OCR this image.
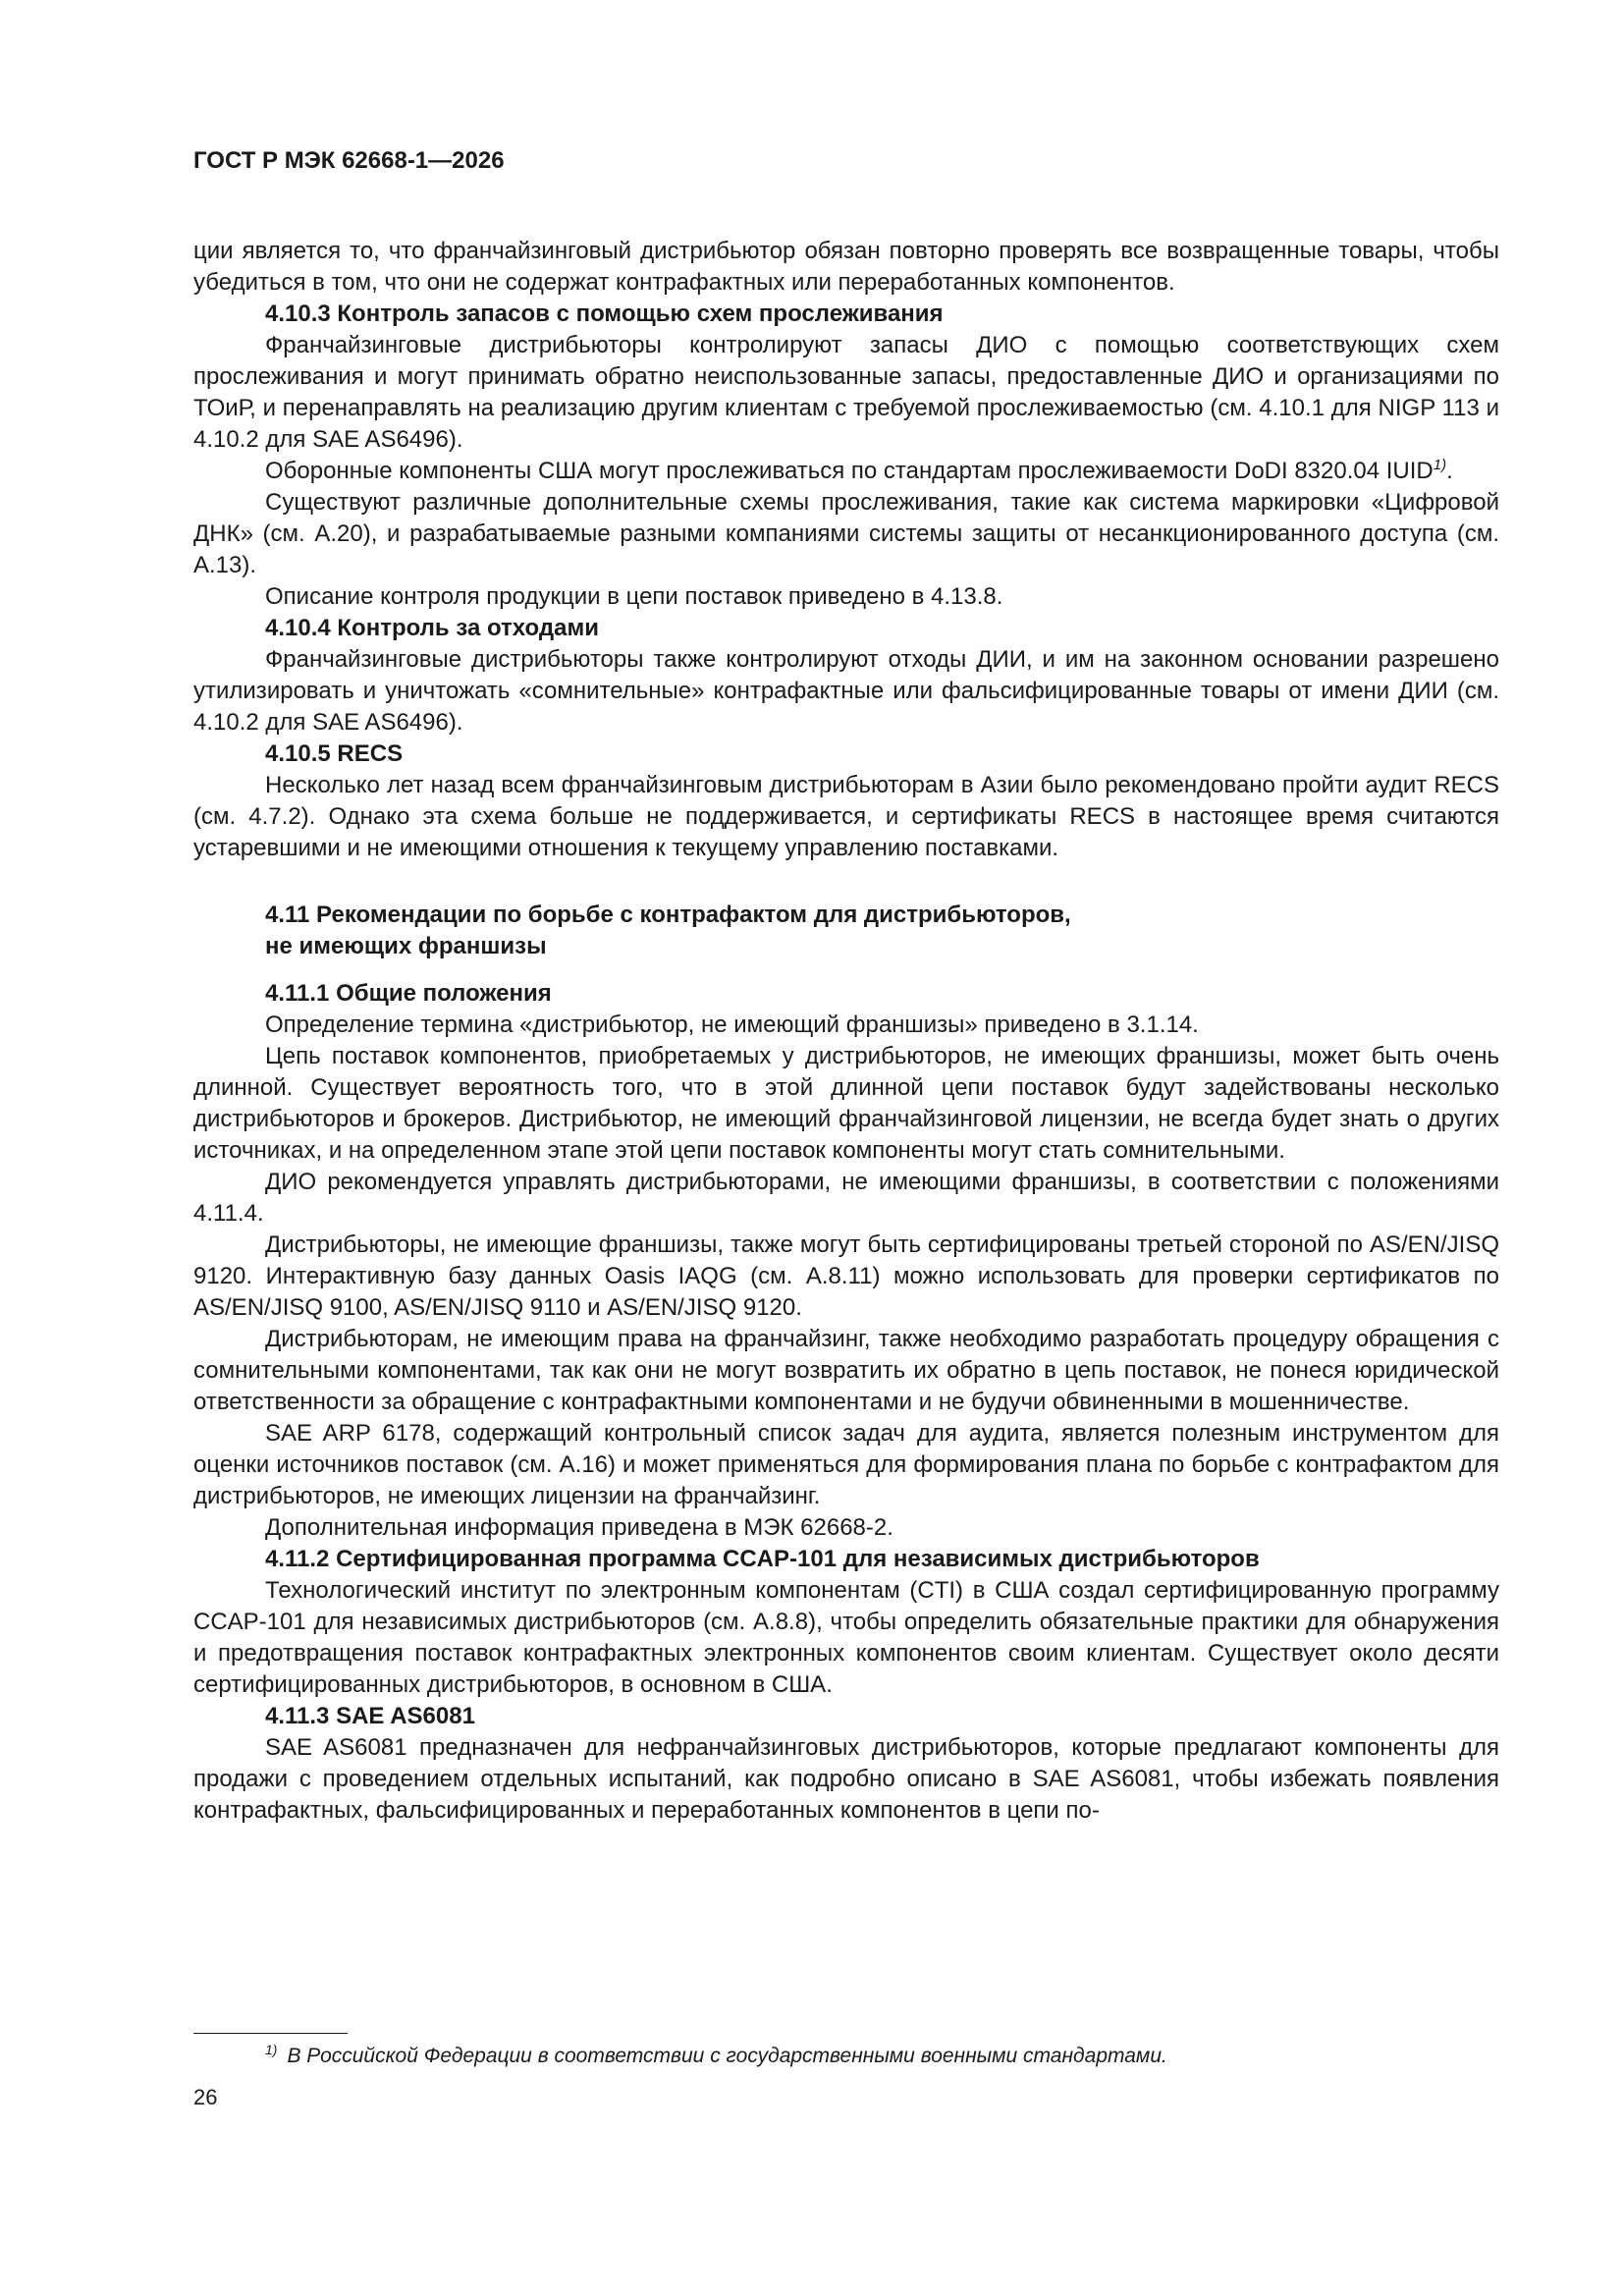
ГОСТ Р МЭК 62668-1—2026

ции является то, что франчайзинговый дистрибьютор обязан повторно проверять все возвращенные товары, чтобы убедиться в том, что они не содержат контрафактных или переработанных компонентов.

4.10.3 Контроль запасов с помощью схем прослеживания

Франчайзинговые дистрибьюторы контролируют запасы ДИО с помощью соответствующих схем прослеживания и могут принимать обратно неиспользованные запасы, предоставленные ДИО и организациями по ТОиР, и перенаправлять на реализацию другим клиентам с требуемой прослеживаемостью (см. 4.10.1 для NIGP 113 и 4.10.2 для SAE AS6496).

Оборонные компоненты США могут прослеживаться по стандартам прослеживаемости DoDI 8320.04 IUID$^{1)}$.

Существуют различные дополнительные схемы прослеживания, такие как система маркировки «Цифровой ДНК» (см. А.20), и разрабатываемые разными компаниями системы защиты от несанкционированного доступа (см. А.13).

Описание контроля продукции в цепи поставок приведено в 4.13.8.

4.10.4 Контроль за отходами

Франчайзинговые дистрибьюторы также контролируют отходы ДИИ, и им на законном основании разрешено утилизировать и уничтожать «сомнительные» контрафактные или фальсифицированные товары от имени ДИИ (см. 4.10.2 для SAE AS6496).

4.10.5 RECS

Несколько лет назад всем франчайзинговым дистрибьюторам в Азии было рекомендовано пройти аудит RECS (см. 4.7.2). Однако эта схема больше не поддерживается, и сертификаты RECS в настоящее время считаются устаревшими и не имеющими отношения к текущему управлению поставками.

4.11 Рекомендации по борьбе с контрафактом для дистрибьюторов,
не имеющих франшизы
4.11.1 Общие положения

Определение термина «дистрибьютор, не имеющий франшизы» приведено в 3.1.14.

Цепь поставок компонентов, приобретаемых у дистрибьюторов, не имеющих франшизы, может быть очень длинной. Существует вероятность того, что в этой длинной цепи поставок будут задействованы несколько дистрибьюторов и брокеров. Дистрибьютор, не имеющий франчайзинговой лицензии, не всегда будет знать о других источниках, и на определенном этапе этой цепи поставок компоненты могут стать сомнительными.

ДИО рекомендуется управлять дистрибьюторами, не имеющими франшизы, в соответствии с положениями 4.11.4.

Дистрибьюторы, не имеющие франшизы, также могут быть сертифицированы третьей стороной по AS/EN/JISQ 9120. Интерактивную базу данных Oasis IAQG (см. А.8.11) можно использовать для проверки сертификатов по AS/EN/JISQ 9100, AS/EN/JISQ 9110 и AS/EN/JISQ 9120.

Дистрибьюторам, не имеющим права на франчайзинг, также необходимо разработать процедуру обращения с сомнительными компонентами, так как они не могут возвратить их обратно в цепь поставок, не понеся юридической ответственности за обращение с контрафактными компонентами и не будучи обвиненными в мошенничестве.

SAE ARP 6178, содержащий контрольный список задач для аудита, является полезным инструментом для оценки источников поставок (см. А.16) и может применяться для формирования плана по борьбе с контрафактом для дистрибьюторов, не имеющих лицензии на франчайзинг.

Дополнительная информация приведена в МЭК 62668-2.

4.11.2 Сертифицированная программа CCAP-101 для независимых дистрибьюторов

Технологический институт по электронным компонентам (CTI) в США создал сертифицированную программу CCAP-101 для независимых дистрибьюторов (см. А.8.8), чтобы определить обязательные практики для обнаружения и предотвращения поставок контрафактных электронных компонентов своим клиентам. Существует около десяти сертифицированных дистрибьюторов, в основном в США.

4.11.3 SAE AS6081

SAE AS6081 предназначен для нефранчайзинговых дистрибьюторов, которые предлагают компоненты для продажи с проведением отдельных испытаний, как подробно описано в SAE AS6081, чтобы избежать появления контрафактных, фальсифицированных и переработанных компонентов в цепи по-

$^{1)}$ В Российской Федерации в соответствии с государственными военными стандартами.
26
